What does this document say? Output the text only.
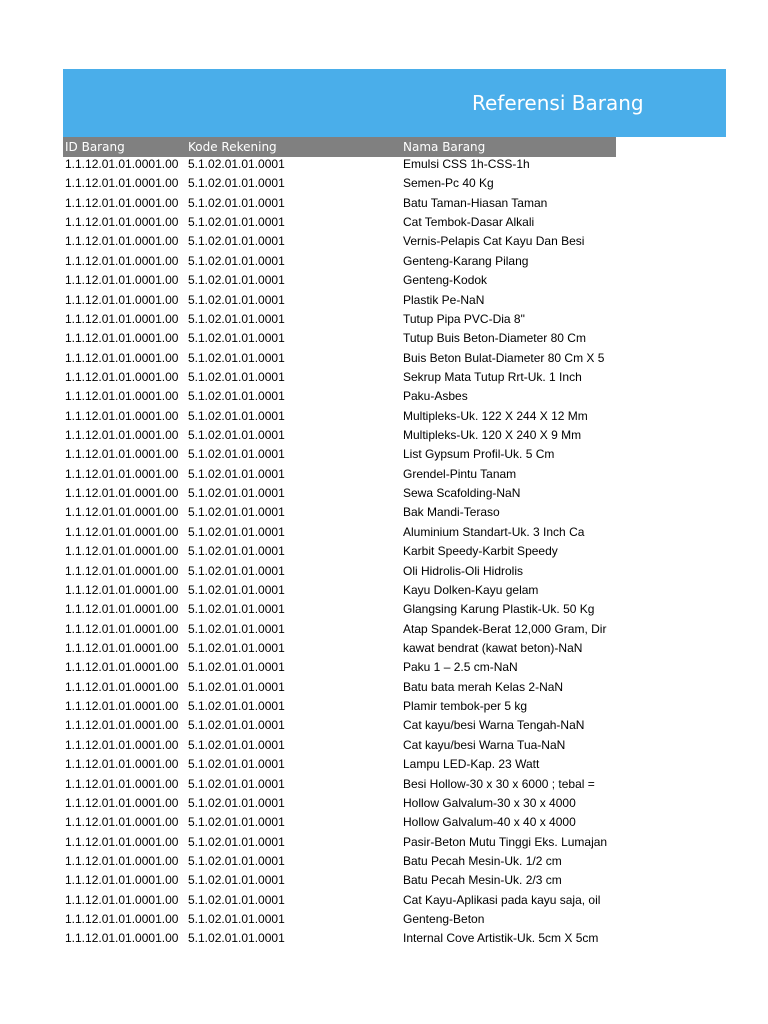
Referensi Barang
ID Barang	Kode Rekening	Nama Barang
1.1.12.01.01.0001.00 5.1.02.01.01.0001	Emulsi CSS 1h-CSS-1h
1.1.12.01.01.0001.00 5.1.02.01.01.0001	Semen-Pc 40 Kg
1.1.12.01.01.0001.00 5.1.02.01.01.0001	Batu Taman-Hiasan Taman
1.1.12.01.01.0001.00 5.1.02.01.01.0001	Cat Tembok-Dasar Alkali
1.1.12.01.01.0001.00 5.1.02.01.01.0001	Vernis-Pelapis Cat Kayu Dan Besi
1.1.12.01.01.0001.00 5.1.02.01.01.0001	Genteng-Karang Pilang
1.1.12.01.01.0001.00 5.1.02.01.01.0001	Genteng-Kodok
1.1.12.01.01.0001.00 5.1.02.01.01.0001	Plastik Pe-NaN
1.1.12.01.01.0001.00 5.1.02.01.01.0001	Tutup Pipa PVC-Dia 8"
1.1.12.01.01.0001.00 5.1.02.01.01.0001	Tutup Buis Beton-Diameter 80 Cm
1.1.12.01.01.0001.00 5.1.02.01.01.0001	Buis Beton Bulat-Diameter 80 Cm X 5
1.1.12.01.01.0001.00 5.1.02.01.01.0001	Sekrup Mata Tutup Rrt-Uk. 1 Inch
1.1.12.01.01.0001.00 5.1.02.01.01.0001	Paku-Asbes
1.1.12.01.01.0001.00 5.1.02.01.01.0001	Multipleks-Uk. 122 X 244 X 12 Mm
1.1.12.01.01.0001.00 5.1.02.01.01.0001	Multipleks-Uk. 120 X 240 X 9 Mm
1.1.12.01.01.0001.00 5.1.02.01.01.0001	List Gypsum Profil-Uk. 5 Cm
1.1.12.01.01.0001.00 5.1.02.01.01.0001	Grendel-Pintu Tanam
1.1.12.01.01.0001.00 5.1.02.01.01.0001	Sewa Scafolding-NaN
1.1.12.01.01.0001.00 5.1.02.01.01.0001	Bak Mandi-Teraso
1.1.12.01.01.0001.00 5.1.02.01.01.0001	Aluminium Standart-Uk. 3 Inch Ca
1.1.12.01.01.0001.00 5.1.02.01.01.0001	Karbit Speedy-Karbit Speedy
1.1.12.01.01.0001.00 5.1.02.01.01.0001	Oli Hidrolis-Oli Hidrolis
1.1.12.01.01.0001.00 5.1.02.01.01.0001	Kayu Dolken-Kayu gelam
1.1.12.01.01.0001.00 5.1.02.01.01.0001	Glangsing Karung Plastik-Uk. 50 Kg
1.1.12.01.01.0001.00 5.1.02.01.01.0001	Atap Spandek-Berat 12,000 Gram, Dir
1.1.12.01.01.0001.00 5.1.02.01.01.0001	kawat bendrat (kawat beton)-NaN
1.1.12.01.01.0001.00 5.1.02.01.01.0001	Paku 1 – 2.5 cm-NaN
1.1.12.01.01.0001.00 5.1.02.01.01.0001	Batu bata merah Kelas 2-NaN
1.1.12.01.01.0001.00 5.1.02.01.01.0001	Plamir tembok-per 5 kg
1.1.12.01.01.0001.00 5.1.02.01.01.0001	Cat kayu/besi Warna Tengah-NaN
1.1.12.01.01.0001.00 5.1.02.01.01.0001	Cat kayu/besi Warna Tua-NaN
1.1.12.01.01.0001.00 5.1.02.01.01.0001	Lampu LED-Kap. 23 Watt
1.1.12.01.01.0001.00 5.1.02.01.01.0001	Besi Hollow-30 x 30 x 6000 ; tebal =
1.1.12.01.01.0001.00 5.1.02.01.01.0001	Hollow Galvalum-30 x 30 x 4000
1.1.12.01.01.0001.00 5.1.02.01.01.0001	Hollow Galvalum-40 x 40 x 4000
1.1.12.01.01.0001.00 5.1.02.01.01.0001	Pasir-Beton Mutu Tinggi Eks. Lumajan
1.1.12.01.01.0001.00 5.1.02.01.01.0001	Batu Pecah Mesin-Uk. 1/2 cm
1.1.12.01.01.0001.00 5.1.02.01.01.0001	Batu Pecah Mesin-Uk. 2/3 cm
1.1.12.01.01.0001.00 5.1.02.01.01.0001	Cat Kayu-Aplikasi pada kayu saja, oil
1.1.12.01.01.0001.00 5.1.02.01.01.0001	Genteng-Beton
1.1.12.01.01.0001.00 5.1.02.01.01.0001	Internal Cove Artistik-Uk. 5cm X 5cm
